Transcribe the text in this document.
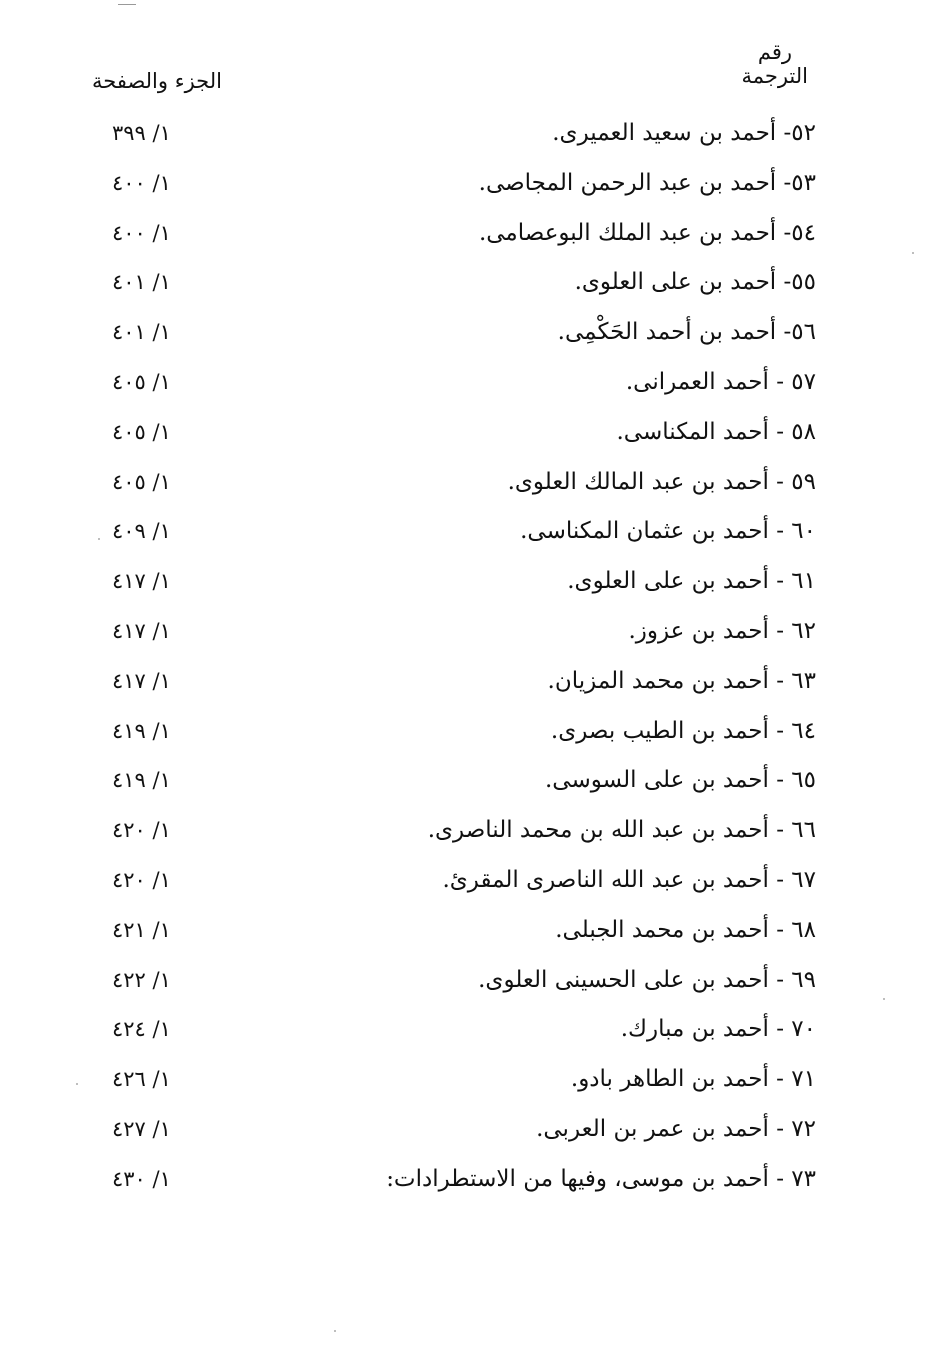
رقم
الترجمة
الجزء والصفحة
٥٢- أحمد بن سعيد العميرى.
١/ ٣٩٩
٥٣- أحمد بن عبد الرحمن المجاصى.
١/ ٤٠٠
٥٤- أحمد بن عبد الملك البوعصامى.
١/ ٤٠٠
٥٥- أحمد بن على العلوى.
١/ ٤٠١
٥٦- أحمد بن أحمد الحَكْمِى.
١/ ٤٠١
٥٧ - أحمد العمرانى.
١/ ٤٠٥
٥٨ - أحمد المكناسى.
١/ ٤٠٥
٥٩ - أحمد بن عبد المالك العلوى.
١/ ٤٠٥
٦٠ - أحمد بن عثمان المكناسى.
١/ ٤٠٩
٦١ - أحمد بن على العلوى.
١/ ٤١٧
٦٢ - أحمد بن عزوز.
١/ ٤١٧
٦٣ - أحمد بن محمد المزيان.
١/ ٤١٧
٦٤ - أحمد بن الطيب بصرى.
١/ ٤١٩
٦٥ - أحمد بن على السوسى.
١/ ٤١٩
٦٦ - أحمد بن عبد الله بن محمد الناصرى.
١/ ٤٢٠
٦٧ - أحمد بن عبد الله الناصرى المقرئ.
١/ ٤٢٠
٦٨ - أحمد بن محمد الجبلى.
١/ ٤٢١
٦٩ - أحمد بن على الحسينى العلوى.
١/ ٤٢٢
٧٠ - أحمد بن مبارك.
١/ ٤٢٤
٧١ - أحمد بن الطاهر بادو.
١/ ٤٢٦
٧٢ - أحمد بن عمر بن العربى.
١/ ٤٢٧
٧٣ - أحمد بن موسى، وفيها من الاستطرادات:
١/ ٤٣٠
